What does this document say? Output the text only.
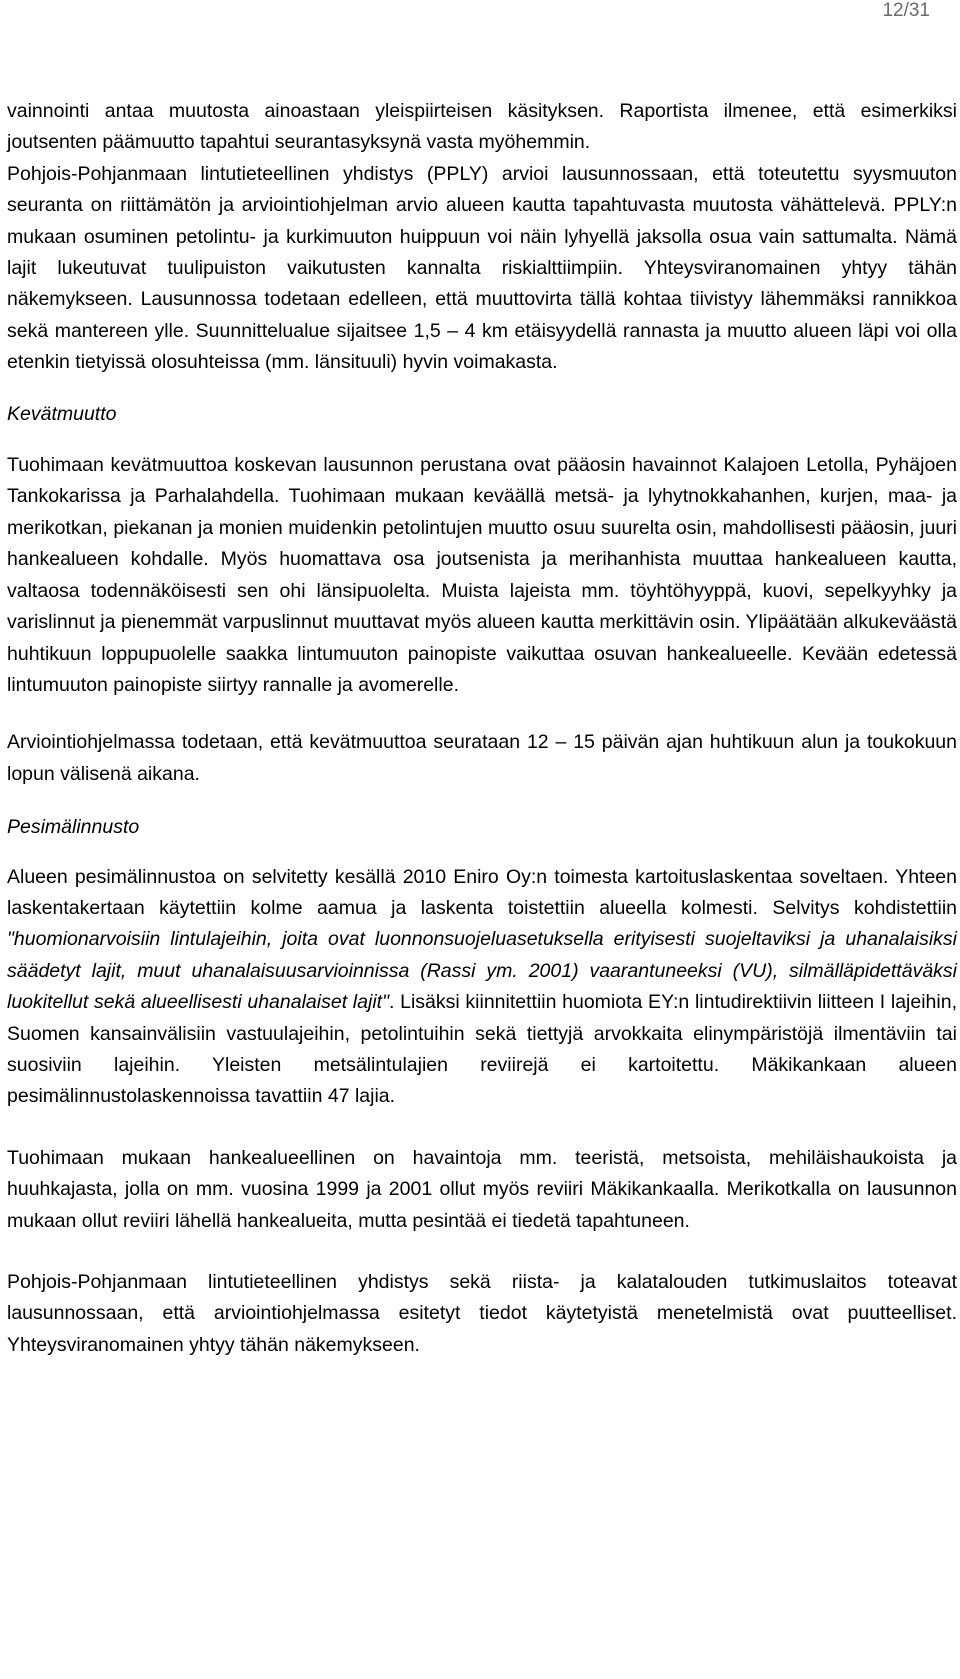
12/31

vainnointi antaa muutosta ainoastaan yleispiirteisen käsityksen. Raportista ilmenee, että esimerkiksi joutsenten päämuutto tapahtui seurantasyksynä vasta myöhemmin.

Pohjois-Pohjanmaan lintutieteellinen yhdistys (PPLY) arvioi lausunnossaan, että toteutettu syysmuuton seuranta on riittämätön ja arviointiohjelman arvio alueen kautta tapahtuvasta muutosta vähättelevä. PPLY:n mukaan osuminen petolintu- ja kurkimuuton huippuun voi näin lyhyellä jaksolla osua vain sattumalta. Nämä lajit lukeutuvat tuulipuiston vaikutusten kannalta riskialttiimpiin. Yhteysviranomainen yhtyy tähän näkemykseen. Lausunnossa todetaan edelleen, että muuttovirta tällä kohtaa tiivistyy lähemmäksi rannikkoa sekä mantereen ylle. Suunnittelualue sijaitsee 1,5 – 4 km etäisyydellä rannasta ja muutto alueen läpi voi olla etenkin tietyissä olosuhteissa (mm. länsituuli) hyvin voimakasta.

Kevätmuutto

Tuohimaan kevätmuuttoa koskevan lausunnon perustana ovat pääosin havainnot Kalajoen Letolla, Pyhäjoen Tankokarissa ja Parhalahdella. Tuohimaan mukaan keväällä metsä- ja lyhytnokkahanhen, kurjen, maa- ja merikotkan, piekanan ja monien muidenkin petolintujen muutto osuu suurelta osin, mahdollisesti pääosin, juuri hankealueen kohdalle. Myös huomattava osa joutsenista ja merihanhista muuttaa hankealueen kautta, valtaosa todennäköisesti sen ohi länsipuolelta. Muista lajeista mm. töyhtöhyyppä, kuovi, sepelkyyhky ja varislinnut ja pienemmät varpuslinnut muuttavat myös alueen kautta merkittävin osin. Ylipäätään alkukeväästä huhtikuun loppupuolelle saakka lintumuuton painopiste vaikuttaa osuvan hankealueelle. Kevään edetessä lintumuuton painopiste siirtyy rannalle ja avomerelle.

Arviointiohjelmassa todetaan, että kevätmuuttoa seurataan 12 – 15 päivän ajan huhtikuun alun ja toukokuun lopun välisenä aikana.

Pesimälinnusto

Alueen pesimälinnustoa on selvitetty kesällä 2010 Eniro Oy:n toimesta kartoituslaskentaa soveltaen. Yhteen laskentakertaan käytettiin kolme aamua ja laskenta toistettiin alueella kolmesti. Selvitys kohdistettiin "huomionarvoisiin lintulajeihin, joita ovat luonnonsuojeluasetuksella erityisesti suojeltaviksi ja uhanalaisiksi säädetyt lajit, muut uhanalaisuusarvioinnissa (Rassi ym. 2001) vaarantuneeksi (VU), silmälläpidettäväksi luokitellut sekä alueellisesti uhanalaiset lajit". Lisäksi kiinnitettiin huomiota EY:n lintudirektiivin liitteen I lajeihin, Suomen kansainvälisiin vastuulajeihin, petolintuihin sekä tiettyjä arvokkaita elinympäristöjä ilmentäviin tai suosiviin lajeihin. Yleisten metsälintulajien reviirejä ei kartoitettu. Mäkikankaan alueen pesimälinnustolaskennoissa tavattiin 47 lajia.

Tuohimaan mukaan hankealueellinen on havaintoja mm. teeristä, metsoista, mehiläishaukoista ja huuhkajasta, jolla on mm. vuosina 1999 ja 2001 ollut myös reviiri Mäkikankaalla. Merikotkalla on lausunnon mukaan ollut reviiri lähellä hankealueita, mutta pesintää ei tiedetä tapahtuneen.

Pohjois-Pohjanmaan lintutieteellinen yhdistys sekä riista- ja kalatalouden tutkimuslaitos toteavat lausunnossaan, että arviointiohjelmassa esitetyt tiedot käytetyistä menetelmistä ovat puutteelliset. Yhteysviranomainen yhtyy tähän näkemykseen.
